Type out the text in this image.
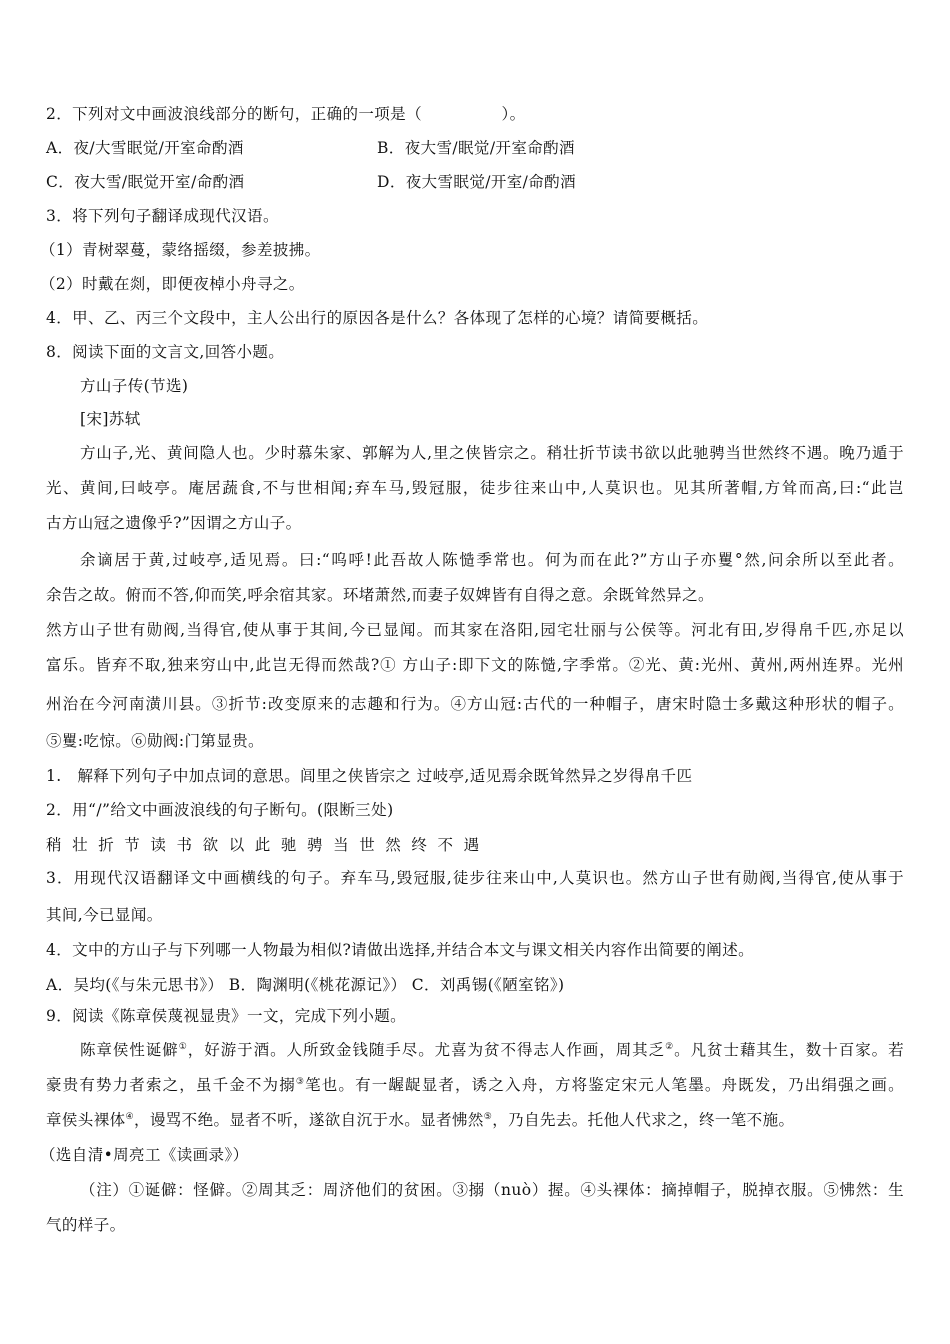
2．下列对文中画波浪线部分的断句，正确的一项是（　　　　　）。
A．夜/大雪眠觉/开室命酌酒	B．夜大雪/眠觉/开室命酌酒
C．夜大雪/眠觉开室/命酌酒	D．夜大雪眠觉/开室/命酌酒
3．将下列句子翻译成现代汉语。
（1）青树翠蔓，蒙络摇缀，参差披拂。
（2）时戴在剡，即便夜棹小舟寻之。
4．甲、乙、丙三个文段中，主人公出行的原因各是什么？各体现了怎样的心境？请简要概括。
8．阅读下面的文言文,回答小题。
方山子传(节选)
[宋]苏轼
方山子,光、黄间隐人也。少时慕朱家、郭解为人,里之侠皆宗之。稍壮折节读书欲以此驰骋当世然终不遇。晚乃遁于
光、黄间,曰岐亭。庵居蔬食,不与世相闻;弃车马,毁冠服，徒步往来山中,人莫识也。见其所著帽,方耸而高,曰:“此岂
古方山冠之遗像乎?”因谓之方山子。
余谪居于黄,过岐亭,适见焉。曰:“呜呼!此吾故人陈慥季常也。何为而在此?”方山子亦矍°然,问余所以至此者。
余告之故。俯而不答,仰而笑,呼余宿其家。环堵萧然,而妻子奴婢皆有自得之意。余既耸然异之。
然方山子世有勋阀,当得官,使从事于其间,今已显闻。而其家在洛阳,园宅壮丽与公侯等。河北有田,岁得帛千匹,亦足以
富乐。皆弃不取,独来穷山中,此岂无得而然哉?① 方山子:即下文的陈慥,字季常。②光、黄:光州、黄州,两州连界。光州
州治在今河南潢川县。③折节:改变原来的志趣和行为。④方山冠:古代的一种帽子，唐宋时隐士多戴这种形状的帽子。
⑤矍:吃惊。⑥勋阀:门第显贵。
1.　解释下列句子中加点词的意思。闾里之侠皆宗之 过岐亭,适见焉余既耸然异之岁得帛千匹
2．用“/”给文中画波浪线的句子断句。(限断三处)
稍壮折节读书欲以此驰骋当世然终不遇
3．用现代汉语翻译文中画横线的句子。弃车马,毁冠服,徒步往来山中,人莫识也。然方山子世有勋阀,当得官,使从事于
其间,今已显闻。
4．文中的方山子与下列哪一人物最为相似?请做出选择,并结合本文与课文相关内容作出简要的阐述。
A．吴均(《与朱元思书》） B．陶渊明(《桃花源记》） C．刘禹锡(《陋室铭》)
9．阅读《陈章侯蔑视显贵》一文，完成下列小题。
陈章侯性诞僻①，好游于酒。人所致金钱随手尽。尤喜为贫不得志人作画，周其乏②。凡贫士藉其生，数十百家。若
豪贵有势力者索之，虽千金不为搦③笔也。有一龌龊显者，诱之入舟，方将鉴定宋元人笔墨。舟既发，乃出绢强之画。
章侯头裸体④，谩骂不绝。显者不听，遂欲自沉于水。显者怫然⑤，乃自先去。托他人代求之，终一笔不施。
（选自清•周亮工《读画录》）
（注）①诞僻：怪僻。②周其乏：周济他们的贫困。③搦（nuò）握。④头裸体：摘掉帽子，脱掉衣服。⑤怫然：生
气的样子。
